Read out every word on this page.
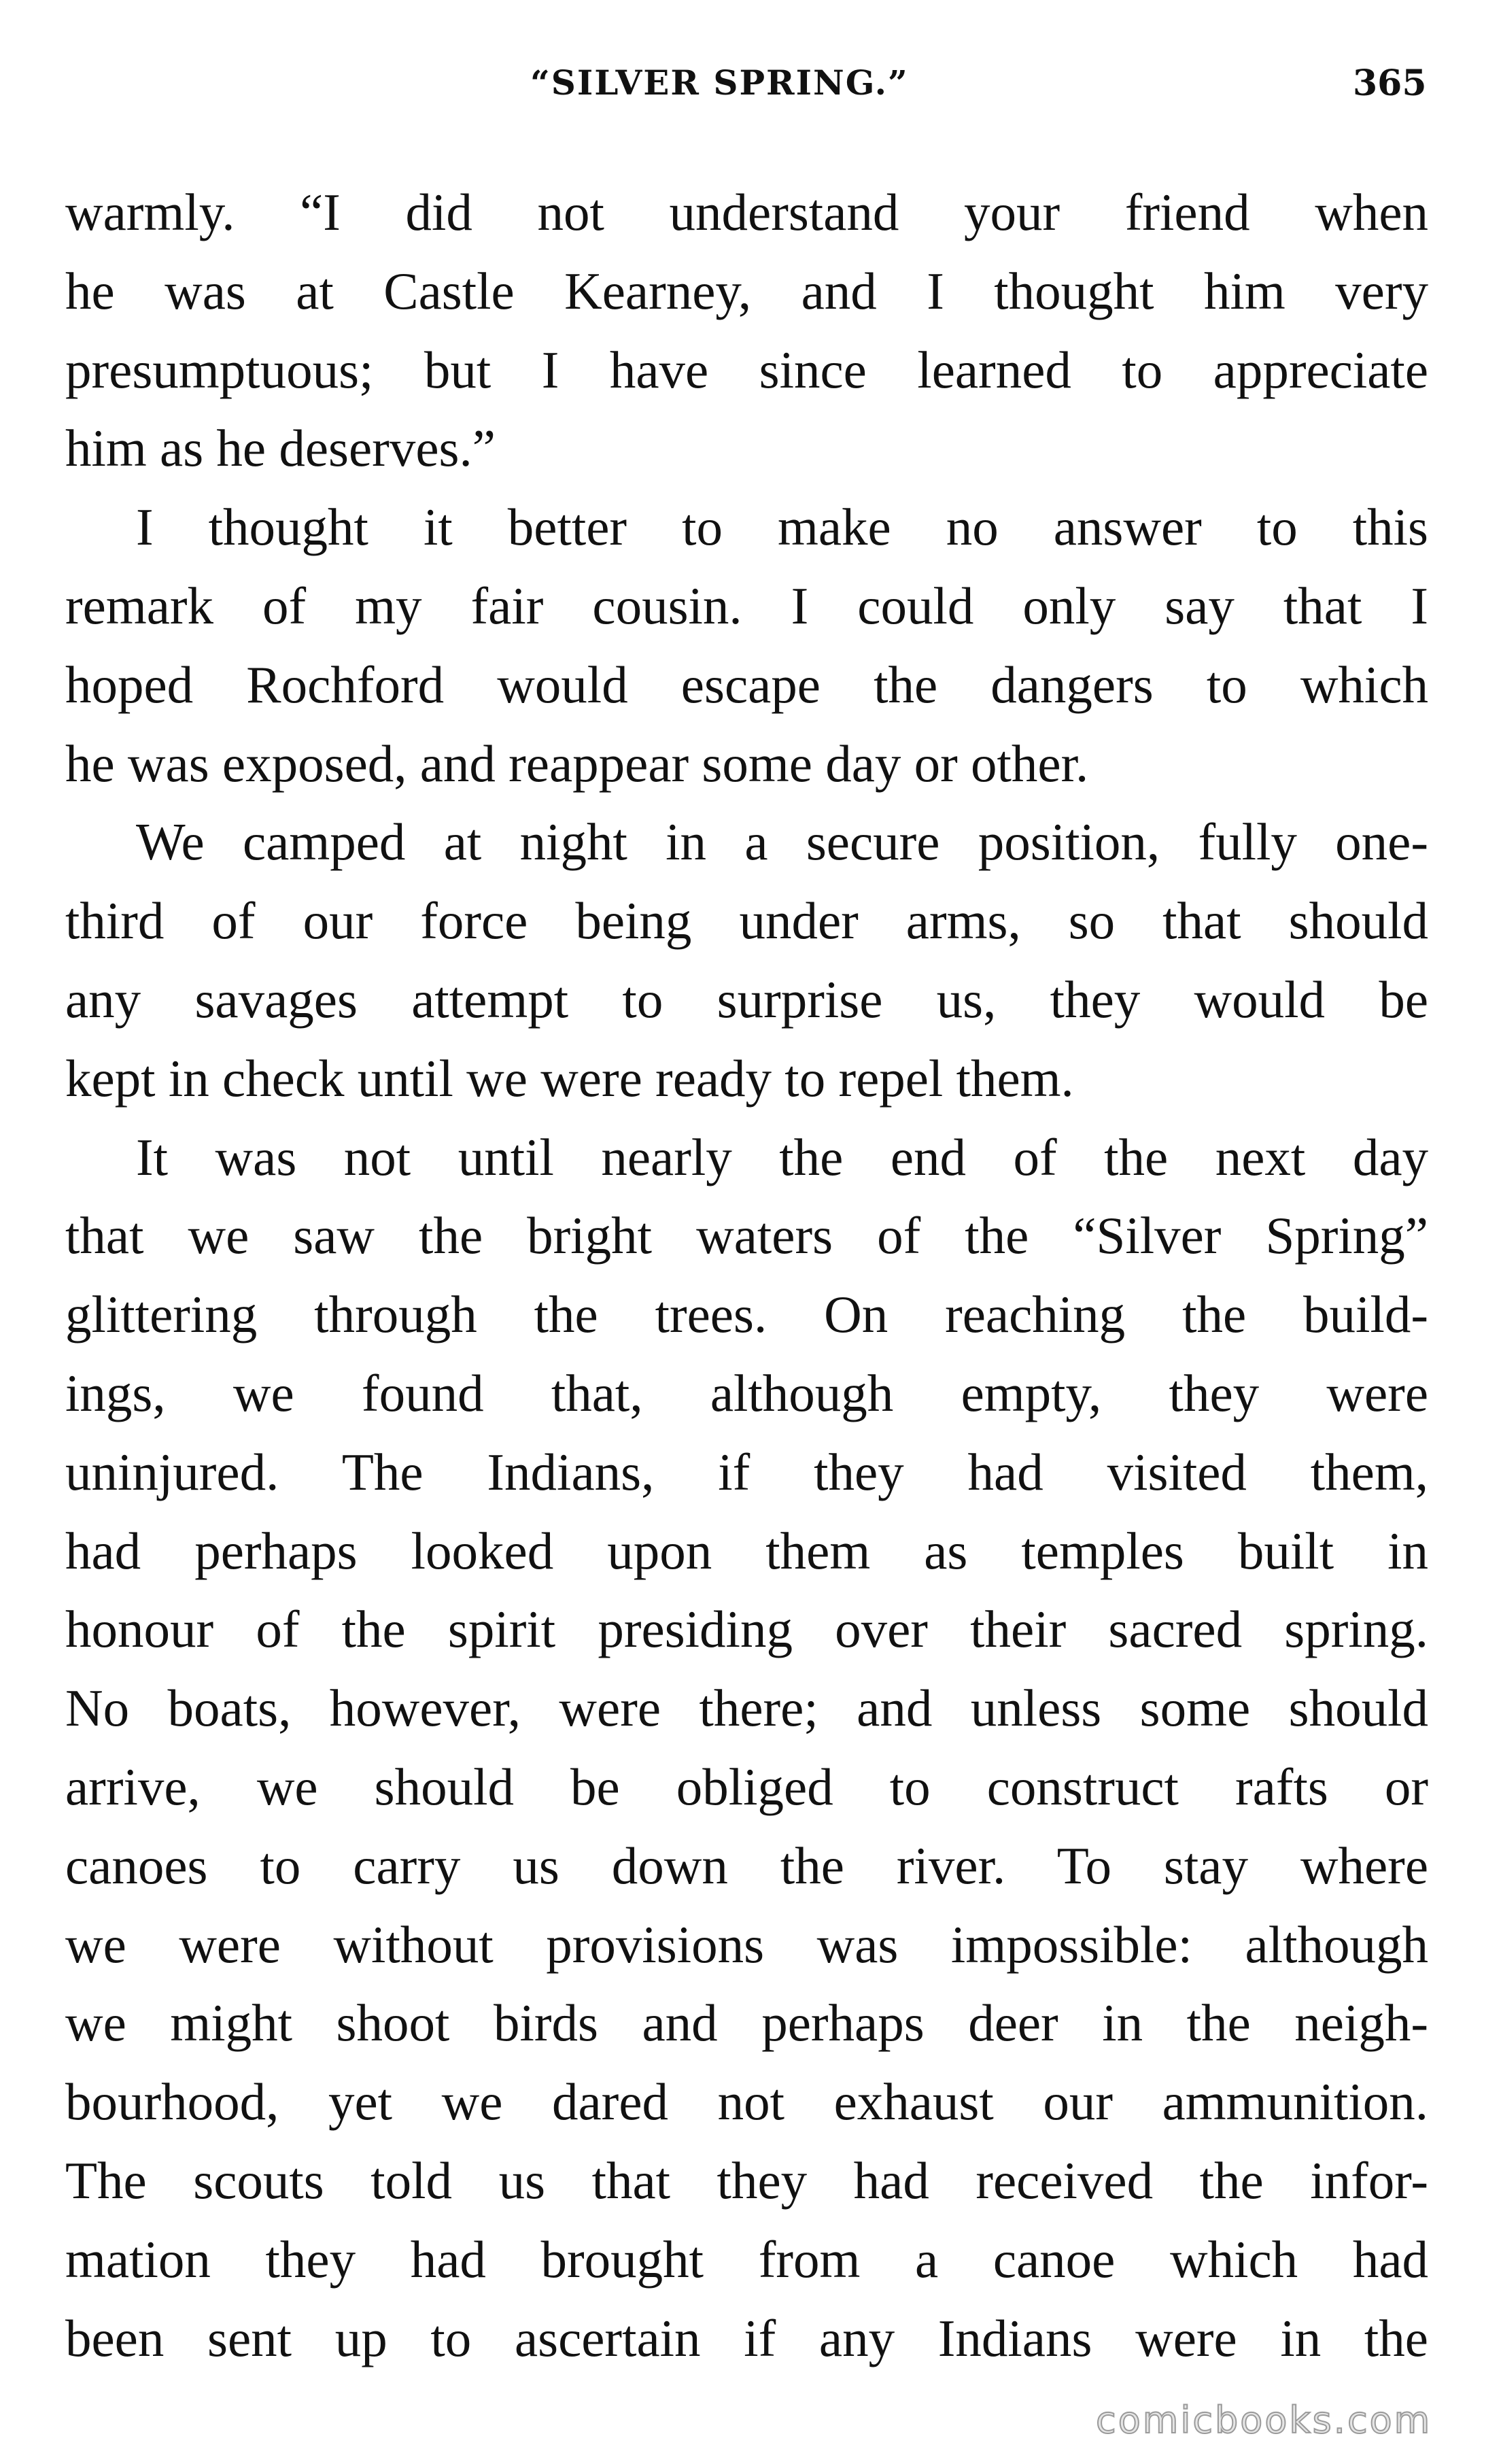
“SILVER SPRING.”	365
warmly. “I did not understand your friend when
he was at Castle Kearney, and I thought him very
presumptuous; but I have since learned to appreciate
him as he deserves.”
I thought it better to make no answer to this
remark of my fair cousin. I could only say that I
hoped Rochford would escape the dangers to which
he was exposed, and reappear some day or other.
We camped at night in a secure position, fully one-
third of our force being under arms, so that should
any savages attempt to surprise us, they would be
kept in check until we were ready to repel them.
It was not until nearly the end of the next day
that we saw the bright waters of the “Silver Spring”
glittering through the trees. On reaching the build-
ings, we found that, although empty, they were
uninjured. The Indians, if they had visited them,
had perhaps looked upon them as temples built in
honour of the spirit presiding over their sacred spring.
No boats, however, were there; and unless some should
arrive, we should be obliged to construct rafts or
canoes to carry us down the river. To stay where
we were without provisions was impossible: although
we might shoot birds and perhaps deer in the neigh-
bourhood, yet we dared not exhaust our ammunition.
The scouts told us that they had received the infor-
mation they had brought from a canoe which had
been sent up to ascertain if any Indians were in the
comicbooks.com
